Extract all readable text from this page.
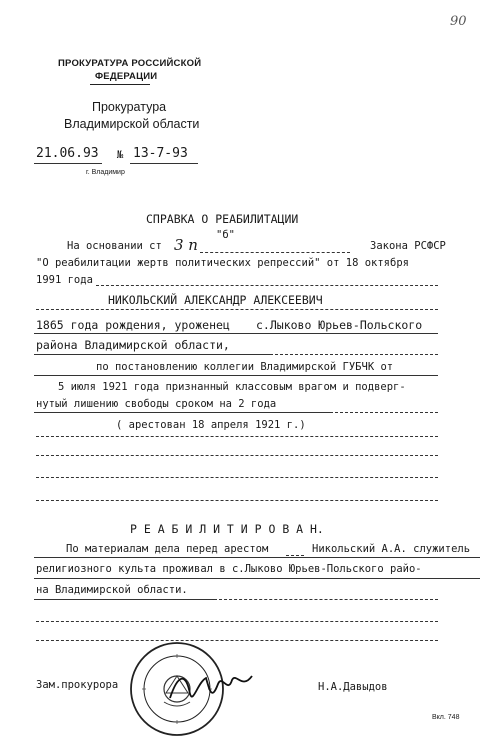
ПРОКУРАТУРА РОССИЙСКОЙ
ФЕДЕРАЦИИ
Прокуратура
Владимирской области
21.06.93 № 13-7-93
г. Владимир
90
СПРАВКА О РЕАБИЛИТАЦИИ
На основании ст 3 п
"б"
Закона РСФСР
"О реабилитации жертв политических репрессий" от 18 октября
1991 года
НИКОЛЬСКИЙ АЛЕКСАНДР АЛЕКСЕЕВИЧ
1865 года рождения, уроженец с.Лыково Юрьев-Польского
района Владимирской области,
по постановлению коллегии Владимирской ГУБЧК от
5 июля 1921 года признанный классовым врагом и подверг-
нутый лишению свободы сроком на 2 года
( арестован 18 апреля 1921 г.)
Р Е А Б И Л И Т И Р О В А Н.
По материалам дела перед арестом	Никольский А.А. служитель
религиозного культа проживал в с.Лыково Юрьев-Польского райо-
на Владимирской области.
Зам.прокурора	Н.А.Давыдов
Вкл. 748
